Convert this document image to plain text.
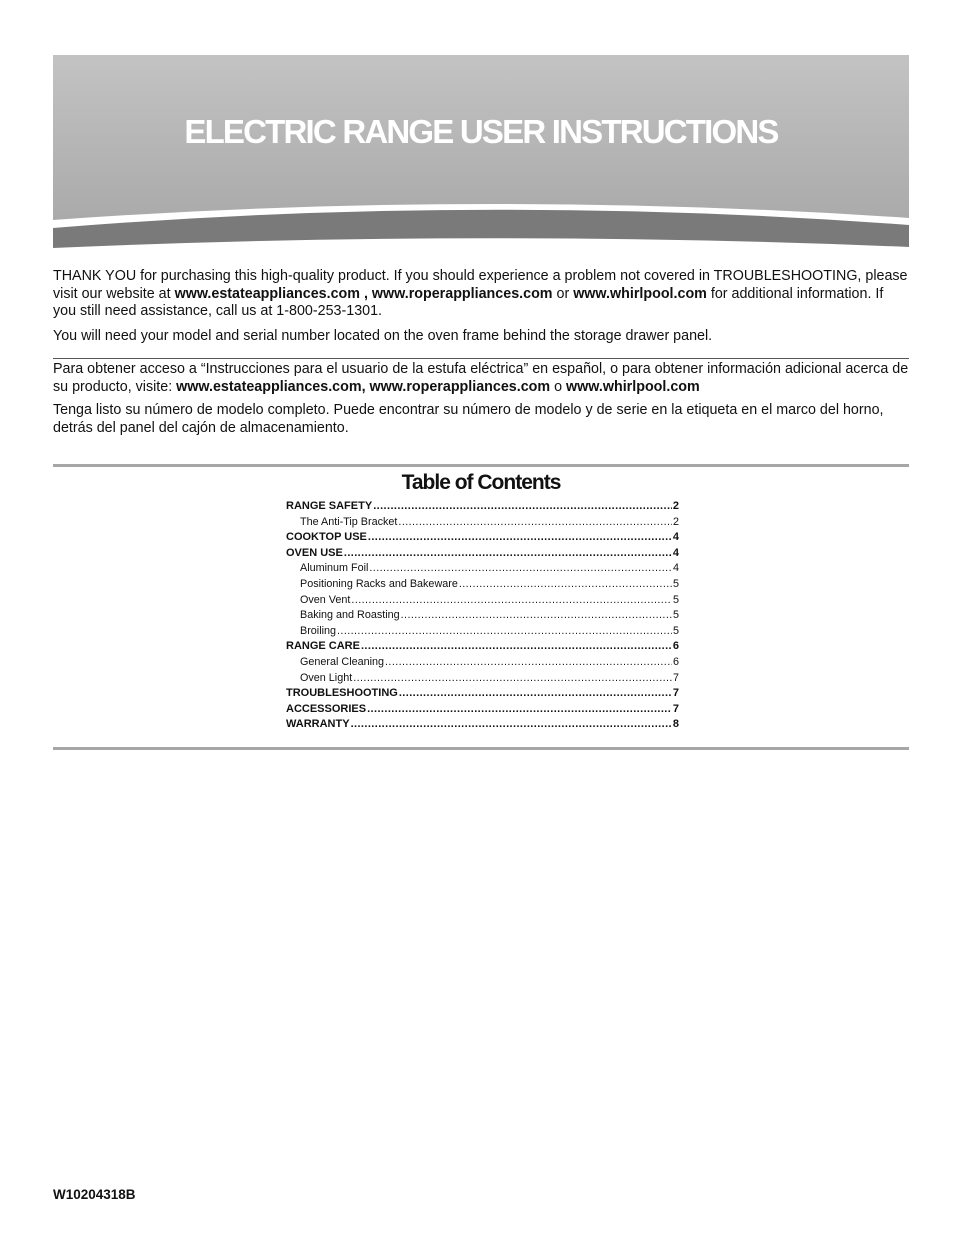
ELECTRIC RANGE USER INSTRUCTIONS

THANK YOU for purchasing this high-quality product. If you should experience a problem not covered in TROUBLESHOOTING, please visit our website at www.estateappliances.com , www.roperappliances.com or www.whirlpool.com for additional information. If you still need assistance, call us at 1-800-253-1301.

You will need your model and serial number located on the oven frame behind the storage drawer panel.

Para obtener acceso a “Instrucciones para el usuario de la estufa eléctrica” en español, o para obtener información adicional acerca de su producto, visite: www.estateappliances.com, www.roperappliances.com o www.whirlpool.com

Tenga listo su número de modelo completo. Puede encontrar su número de modelo y de serie en la etiqueta en el marco del horno, detrás del panel del cajón de almacenamiento.

Table of Contents
RANGE SAFETY .....	2
The Anti-Tip Bracket .....	2
COOKTOP USE .....	4
OVEN USE .....	4
Aluminum Foil .....	4
Positioning Racks and Bakeware .....	5
Oven Vent .....	5
Baking and Roasting .....	5
Broiling .....	5
RANGE CARE .....	6
General Cleaning .....	6
Oven Light .....	7
TROUBLESHOOTING .....	7
ACCESSORIES .....	7
WARRANTY .....	8
W10204318B
